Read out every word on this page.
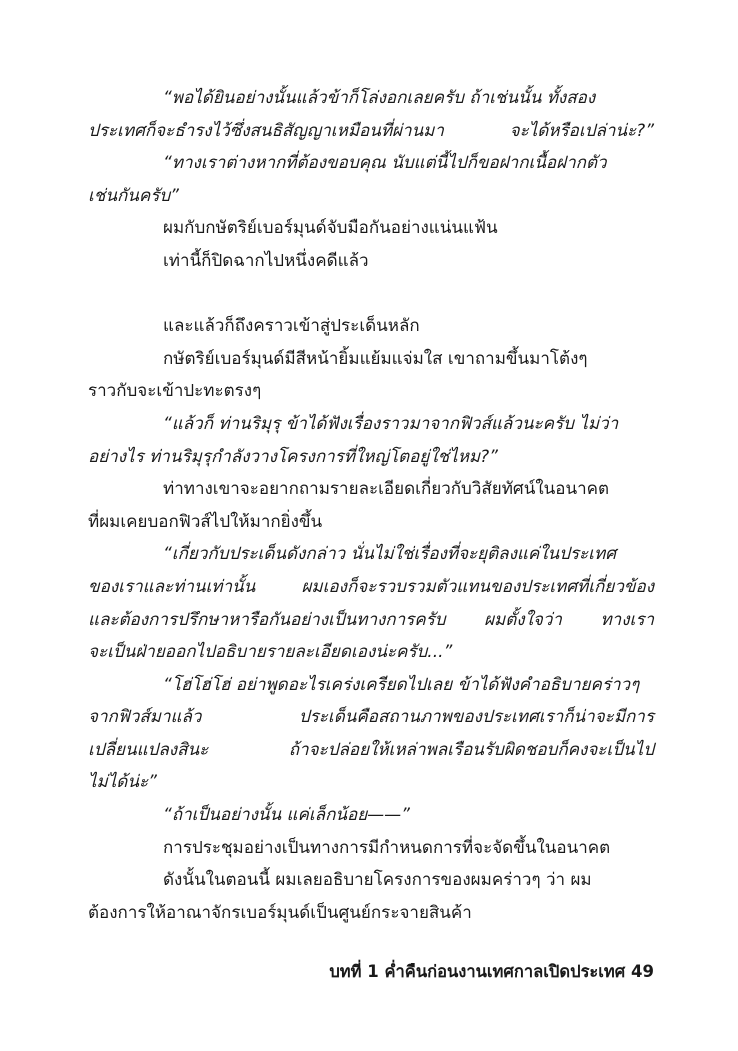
“พอได้ยินอย่างนั้นแล้วข้าก็โล่งอกเลยครับ ถ้าเช่นนั้น ทั้งสอง
ประเทศก็จะธำรงไว้ซึ่งสนธิสัญญาเหมือนที่ผ่านมา จะได้หรือเปล่าน่ะ?”
“ทางเราต่างหากที่ต้องขอบคุณ นับแต่นี้ไปก็ขอฝากเนื้อฝากตัว
เช่นกันครับ”
ผมกับกษัตริย์เบอร์มุนด์จับมือกันอย่างแน่นแฟ้น
เท่านี้ก็ปิดฉากไปหนึ่งคดีแล้ว
และแล้วก็ถึงคราวเข้าสู่ประเด็นหลัก
กษัตริย์เบอร์มุนด์มีสีหน้ายิ้มแย้มแจ่มใส เขาถามขึ้นมาโต้งๆ
ราวกับจะเข้าปะทะตรงๆ
“แล้วก็ ท่านริมุรุ ข้าได้ฟังเรื่องราวมาจากฟิวส์แล้วนะครับ ไม่ว่า
อย่างไร ท่านริมุรุกำลังวางโครงการที่ใหญ่โตอยู่ใช่ไหม?”
ท่าทางเขาจะอยากถามรายละเอียดเกี่ยวกับวิสัยทัศน์ในอนาคต
ที่ผมเคยบอกฟิวส์ไปให้มากยิ่งขึ้น
“เกี่ยวกับประเด็นดังกล่าว นั่นไม่ใช่เรื่องที่จะยุติลงแค่ในประเทศ
ของเราและท่านเท่านั้น ผมเองก็จะรวบรวมตัวแทนของประเทศที่เกี่ยวข้อง
และต้องการปรึกษาหารือกันอย่างเป็นทางการครับ ผมตั้งใจว่า ทางเรา
จะเป็นฝ่ายออกไปอธิบายรายละเอียดเองน่ะครับ...”
“โฮ่โฮ่โฮ่ อย่าพูดอะไรเคร่งเครียดไปเลย ข้าได้ฟังคำอธิบายคร่าวๆ
จากฟิวส์มาแล้ว ประเด็นคือสถานภาพของประเทศเราก็น่าจะมีการ
เปลี่ยนแปลงสินะ ถ้าจะปล่อยให้เหล่าพลเรือนรับผิดชอบก็คงจะเป็นไป
ไม่ได้น่ะ”
“ถ้าเป็นอย่างนั้น แค่เล็กน้อย——”
การประชุมอย่างเป็นทางการมีกำหนดการที่จะจัดขึ้นในอนาคต
ดังนั้นในตอนนี้ ผมเลยอธิบายโครงการของผมคร่าวๆ ว่า ผม
ต้องการให้อาณาจักรเบอร์มุนด์เป็นศูนย์กระจายสินค้า
บทที่ 1 ค่ำคืนก่อนงานเทศกาลเปิดประเทศ 49
